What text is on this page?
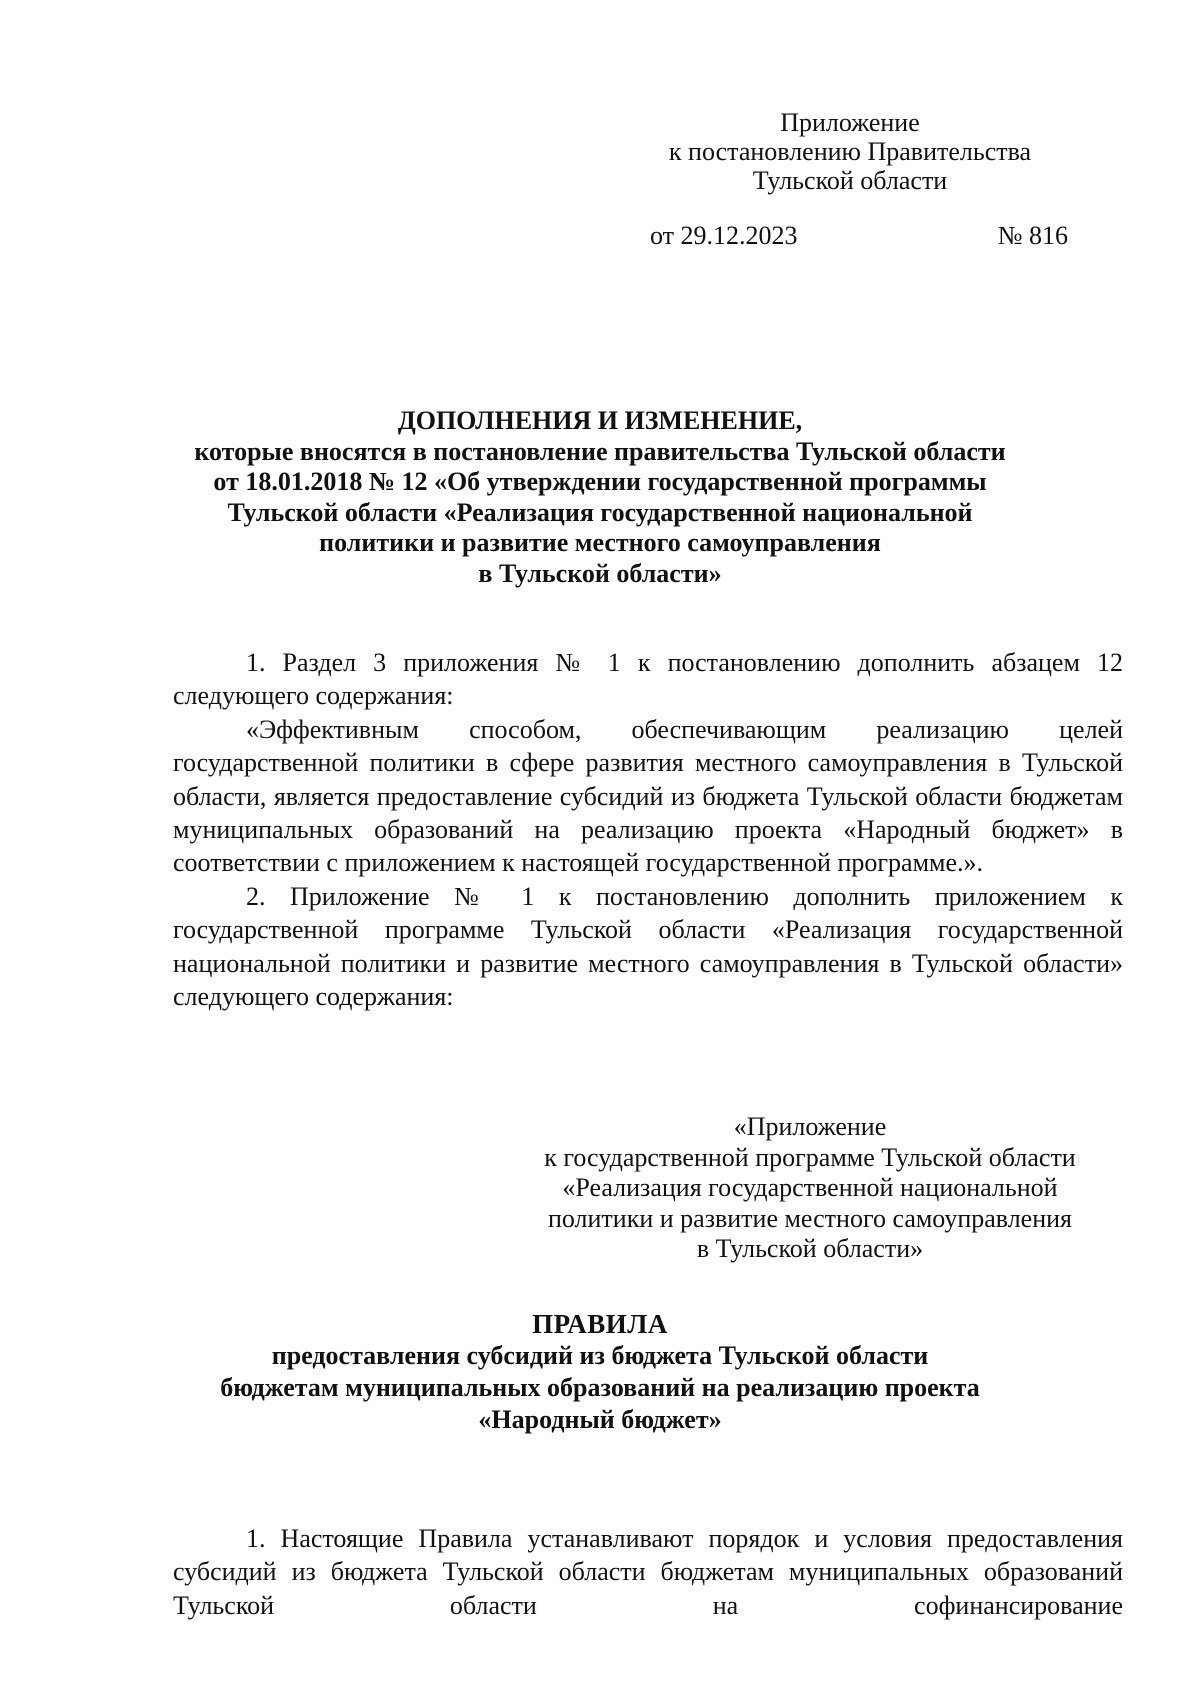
Приложение
к постановлению Правительства
Тульской области
от 29.12.2023	№ 816
ДОПОЛНЕНИЯ И ИЗМЕНЕНИЕ,
которые вносятся в постановление правительства Тульской области
от 18.01.2018 № 12 «Об утверждении государственной программы
Тульской области «Реализация государственной национальной
политики и развитие местного самоуправления
в Тульской области»

1. Раздел 3 приложения № 1 к постановлению дополнить абзацем 12 следующего содержания:

«Эффективным способом, обеспечивающим реализацию целей государственной политики в сфере развития местного самоуправления в Тульской области, является предоставление субсидий из бюджета Тульской области бюджетам муниципальных образований на реализацию проекта «Народный бюджет» в соответствии с приложением к настоящей государственной программе.».

2. Приложение № 1 к постановлению дополнить приложением к государственной программе Тульской области «Реализация государственной национальной политики и развитие местного самоуправления в Тульской области» следующего содержания:

«Приложение
к государственной программе Тульской области
«Реализация государственной национальной
политики и развитие местного самоуправления
в Тульской области»
ПРАВИЛА
предоставления субсидий из бюджета Тульской области
бюджетам муниципальных образований на реализацию проекта
«Народный бюджет»

1. Настоящие Правила устанавливают порядок и условия предоставления субсидий из бюджета Тульской области бюджетам муниципальных образований Тульской области на софинансирование
